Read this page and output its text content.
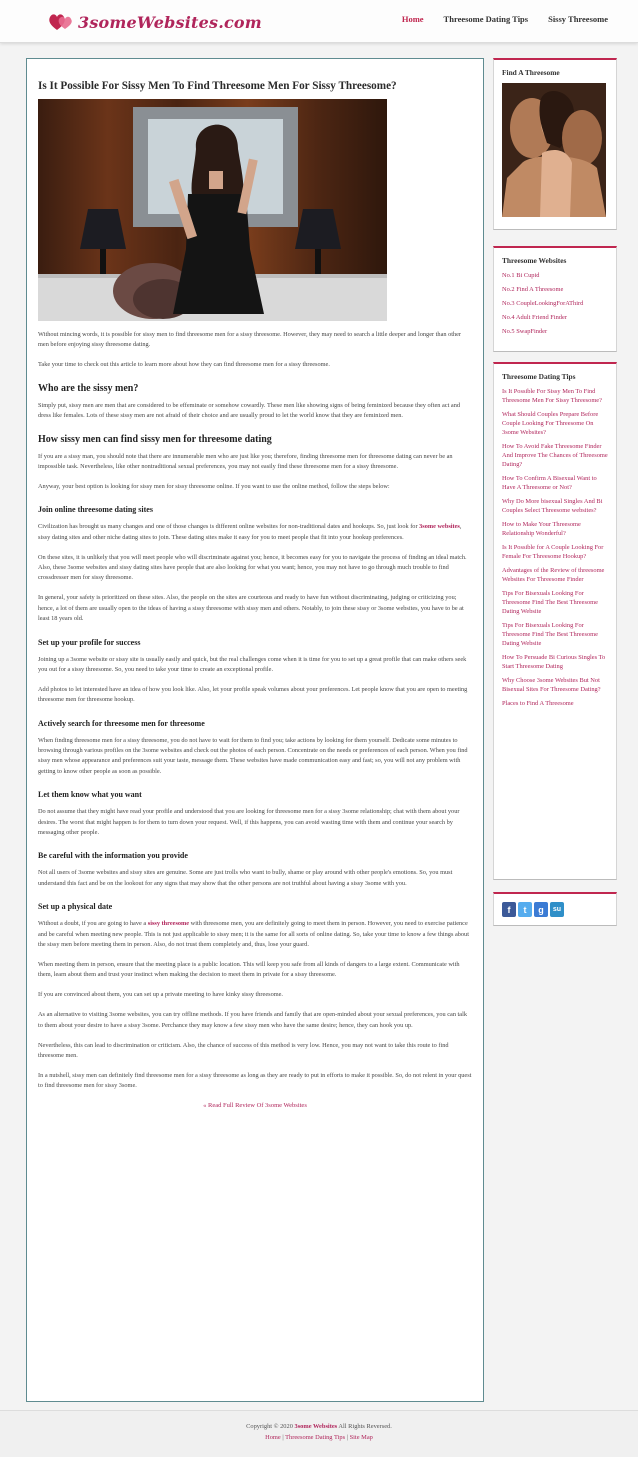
3someWebsites.com	Home Threesome Dating Tips Sissy Threesome
Is It Possible For Sissy Men To Find Threesome Men For Sissy Threesome?

Without mincing words, it is possible for sissy men to find threesome men for a sissy threesome. However, they may need to search a little deeper and longer than other men before enjoying sissy threesome dating.

Take your time to check out this article to learn more about how they can find threesome men for a sissy threesome.

Who are the sissy men?

Simply put, sissy men are men that are considered to be effeminate or somehow cowardly. These men like showing signs of being feminized because they often act and dress like females. Lots of these sissy men are not afraid of their choice and are usually proud to let the world know that they are feminized men.

How sissy men can find sissy men for threesome dating

If you are a sissy man, you should note that there are innumerable men who are just like you; therefore, finding threesome men for threesome dating can never be an impossible task. Nevertheless, like other nontraditional sexual preferences, you may not easily find these threesome men for a sissy threesome.

Anyway, your best option is looking for sissy men for sissy threesome online. If you want to use the online method, follow the steps below:

Join online threesome dating sites

Civilization has brought us many changes and one of those changes is different online websites for non-traditional dates and hookups. So, just look for 3some websites, sissy dating sites and other niche dating sites to join. These dating sites make it easy for you to meet people that fit into your hookup preferences.

On these sites, it is unlikely that you will meet people who will discriminate against you; hence, it becomes easy for you to navigate the process of finding an ideal match. Also, these 3some websites and sissy dating sites have people that are also looking for what you want; hence, you may not have to go through much trouble to find crossdresser men for sissy threesome.

In general, your safety is prioritized on these sites. Also, the people on the sites are courteous and ready to have fun without discriminating, judging or criticizing you; hence, a lot of them are usually open to the ideas of having a sissy threesome with sissy men and others. Notably, to join these sissy or 3some websites, you have to be at least 18 years old.

Set up your profile for success

Joining up a 3some website or sissy site is usually easily and quick, but the real challenges come when it is time for you to set up a great profile that can make others seek you out for a sissy threesome. So, you need to take your time to create an exceptional profile.

Add photos to let interested have an idea of how you look like. Also, let your profile speak volumes about your preferences. Let people know that you are open to meeting threesome men for threesome hookup.

Actively search for threesome men for threesome

When finding threesome men for a sissy threesome, you do not have to wait for them to find you; take actions by looking for them yourself. Dedicate some minutes to browsing through various profiles on the 3some websites and check out the photos of each person. Concentrate on the needs or preferences of each person. When you find sissy men whose appearance and preferences suit your taste, message them. These websites have made communication easy and fast; so, you will not any problem with getting to know other people as soon as possible.

Let them know what you want

Do not assume that they might have read your profile and understood that you are looking for threesome men for a sissy 3some relationship; chat with them about your desires. The worst that might happen is for them to turn down your request. Well, if this happens, you can avoid wasting time with them and continue your search by messaging other people.

Be careful with the information you provide

Not all users of 3some websites and sissy sites are genuine. Some are just trolls who want to bully, shame or play around with other people's emotions. So, you must understand this fact and be on the lookout for any signs that may show that the other persons are not truthful about having a sissy 3some with you.

Set up a physical date

Without a doubt, if you are going to have a sissy threesome with threesome men, you are definitely going to meet them in person. However, you need to exercise patience and be careful when meeting new people. This is not just applicable to sissy men; it is the same for all sorts of online dating. So, take your time to know a few things about the sissy men before meeting them in person. Also, do not trust them completely and, thus, lose your guard.

When meeting them in person, ensure that the meeting place is a public location. This will keep you safe from all kinds of dangers to a large extent. Communicate with them, learn about them and trust your instinct when making the decision to meet them in private for a sissy threesome.

If you are convinced about them, you can set up a private meeting to have kinky sissy threesome.

As an alternative to visiting 3some websites, you can try offline methods. If you have friends and family that are open-minded about your sexual preferences, you can talk to them about your desire to have a sissy 3some. Perchance they may know a few sissy men who have the same desire; hence, they can hook you up.

Nevertheless, this can lead to discrimination or criticism. Also, the chance of success of this method is very low. Hence, you may not want to take this route to find threesome men.

In a nutshell, sissy men can definitely find threesome men for a sissy threesome as long as they are ready to put in efforts to make it possible. So, do not relent in your quest to find threesome men for sissy 3some.

« Read Full Review Of 3some Websites
Find A Threesome
Threesome Websites
No.1 Bi Cupid
No.2 Find A Threesome
No.3 CoupleLookingForAThird
No.4 Adult Friend Finder
No.5 SwapFinder
Threesome Dating Tips
Is It Possible For Sissy Men To Find Threesome Men For Sissy Threesome?
What Should Couples Prepare Before Couple Looking For Threesome On 3some Websites?
How To Avoid Fake Threesome Finder And Improve The Chances of Threesome Dating?
How To Confirm A Bisexual Want to Have A Threesome or Not?
Why Do More bisexual Singles And Bi Couples Select Threesome websites?
How to Make Your Threesome Relationship Wonderful?
Is It Possible for A Couple Looking For Female For Threesome Hookup?
Advantages of the Review of threesome Websites For Threesome Finder
Tips For Bisexuals Looking For Threesome Find The Best Threesome Dating Website
Tips For Bisexuals Looking For Threesome Find The Best Threesome Dating Website
How To Persuade Bi Curious Singles To Start Threesome Dating
Why Choose 3some Websites But Not Bisexual Sites For Threesome Dating?
Places to Find A Threesome
f	t	g	su
Copyright © 2020 3some Websites All Rights Reversed.
Home | Threesome Dating Tips | Site Map
